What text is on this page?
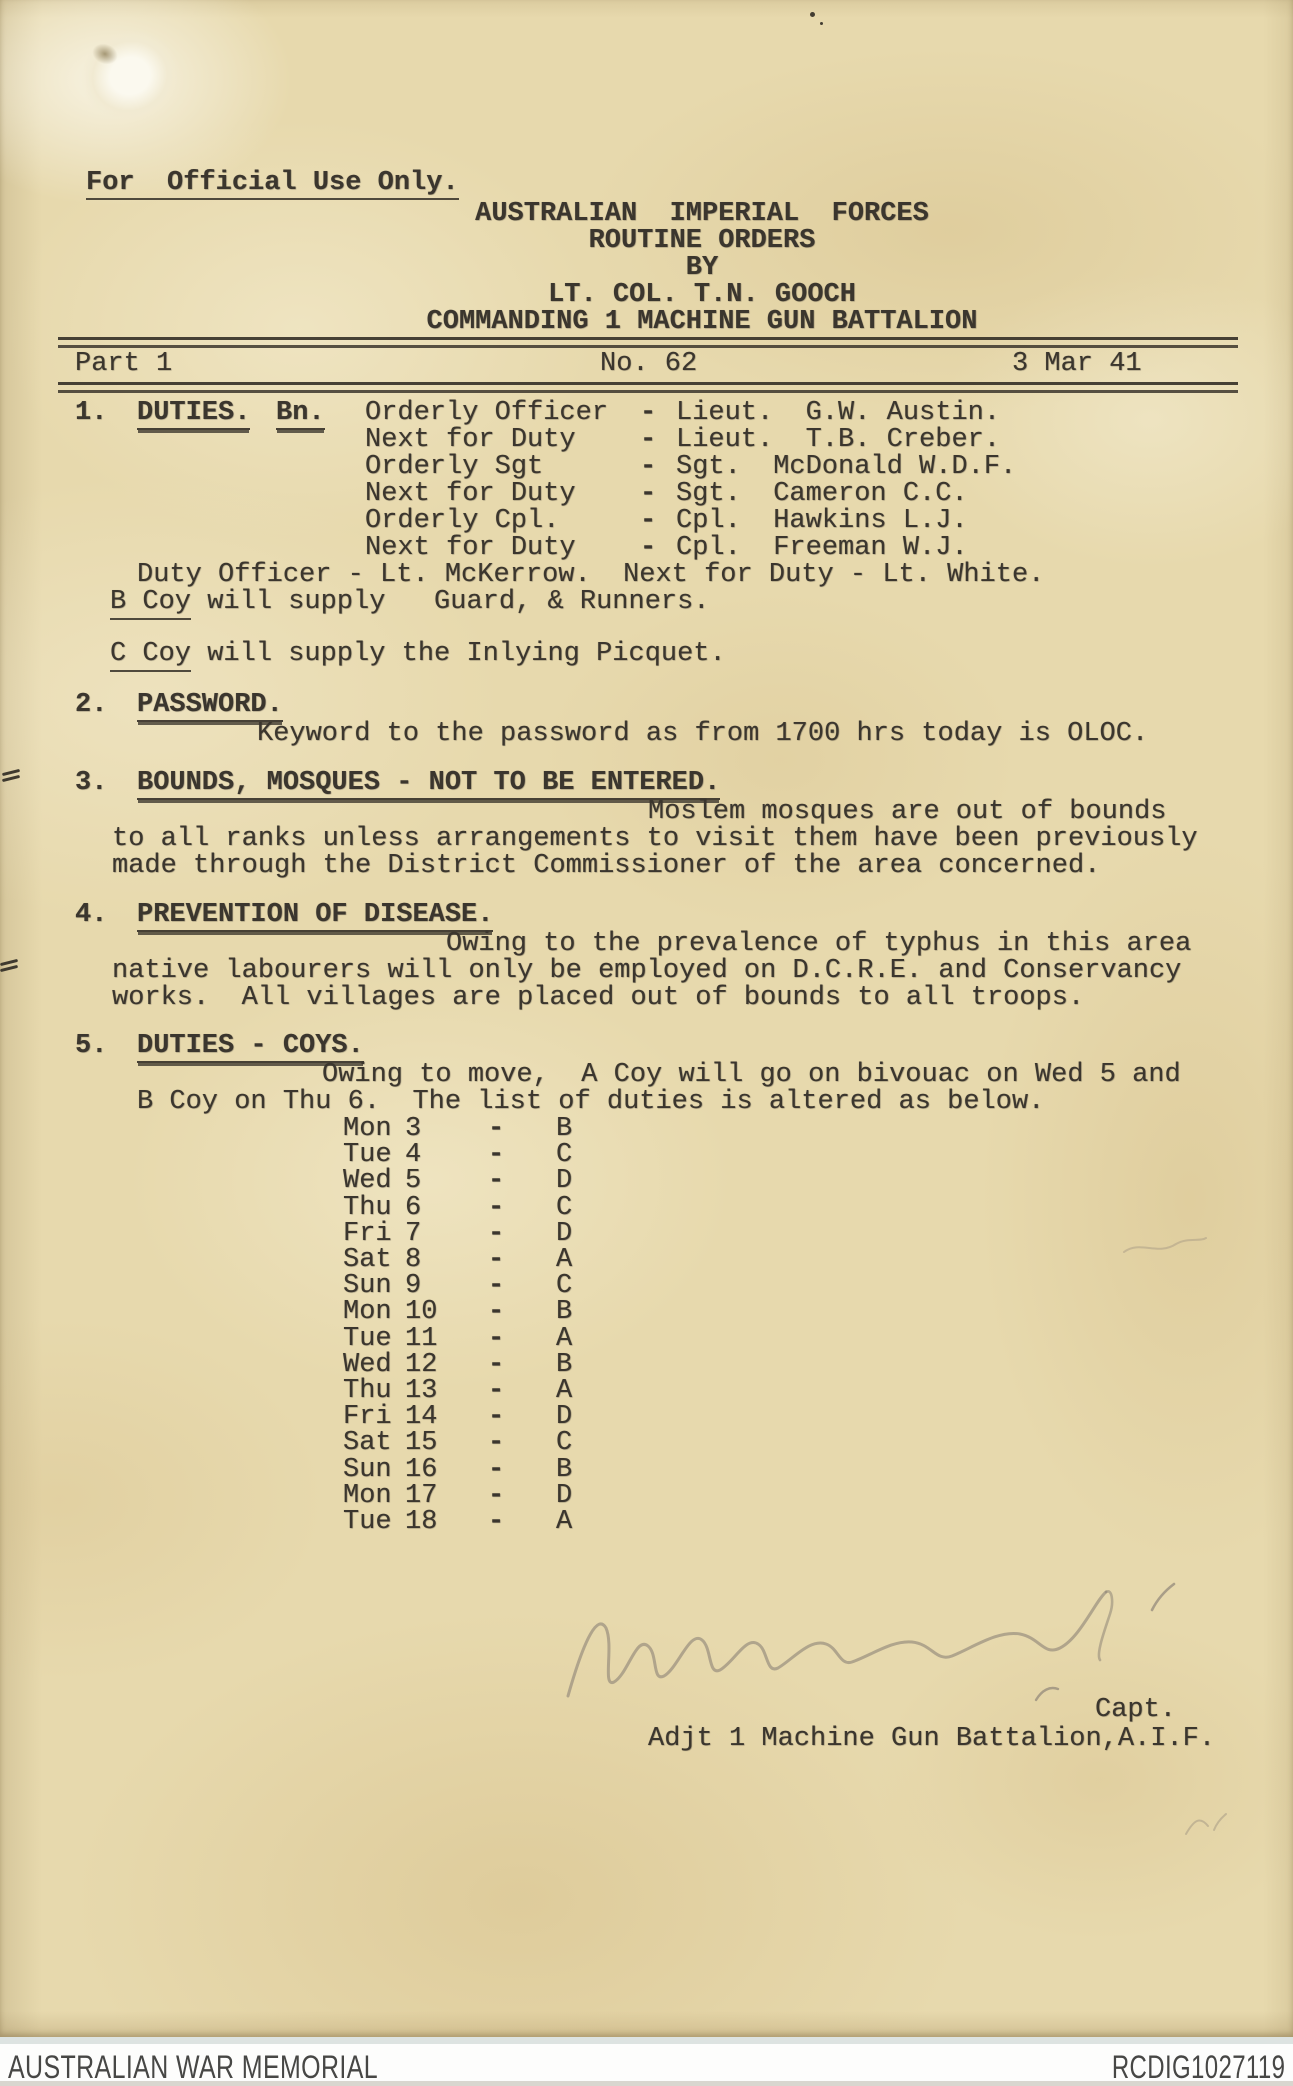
For  Official Use Only.
AUSTRALIAN  IMPERIAL  FORCES
ROUTINE ORDERS
BY
LT. COL. T.N. GOOCH
COMMANDING 1 MACHINE GUN BATTALION
Part 1	No. 62	3 Mar 41
1. DUTIES. Bn. Orderly Officer - Lieut.  G.W. Austin.
Next for Duty - Lieut.  T.B. Creber.
Orderly Sgt	- Sgt.  McDonald W.D.F.
Next for Duty - Sgt.  Cameron C.C.
Orderly Cpl.	- Cpl.  Hawkins L.J.
Next for Duty - Cpl.  Freeman W.J.
Duty Officer - Lt. McKerrow.  Next for Duty - Lt. White.
B Coy will supply   Guard, & Runners.
C Coy will supply the Inlying Picquet.
2. PASSWORD.
Keyword to the password as from 1700 hrs today is OLOC.
3. BOUNDS, MOSQUES - NOT TO BE ENTERED.
Moslem mosques are out of bounds
to all ranks unless arrangements to visit them have been previously
made through the District Commissioner of the area concerned.
4. PREVENTION OF DISEASE.
Owing to the prevalence of typhus in this area
native labourers will only be employed on D.C.R.E. and Conservancy
works.  All villages are placed out of bounds to all troops.
5. DUTIES - COYS.
Owing to move,  A Coy will go on bivouac on Wed 5 and
B Coy on Thu 6.  The list of duties is altered as below.
Mon 3 - B
Tue 4 - C
Wed 5 - D
Thu 6 - C
Fri 7 - D
Sat 8 - A
Sun 9 - C
Mon 10 - B
Tue 11 - A
Wed 12 - B
Thu 13 - A
Fri 14 - D
Sat 15 - C
Sun 16 - B
Mon 17 - D
Tue 18 - A
Capt.
Adjt 1 Machine Gun Battalion,A.I.F.
AUSTRALIAN WAR MEMORIAL	RCDIG1027119
